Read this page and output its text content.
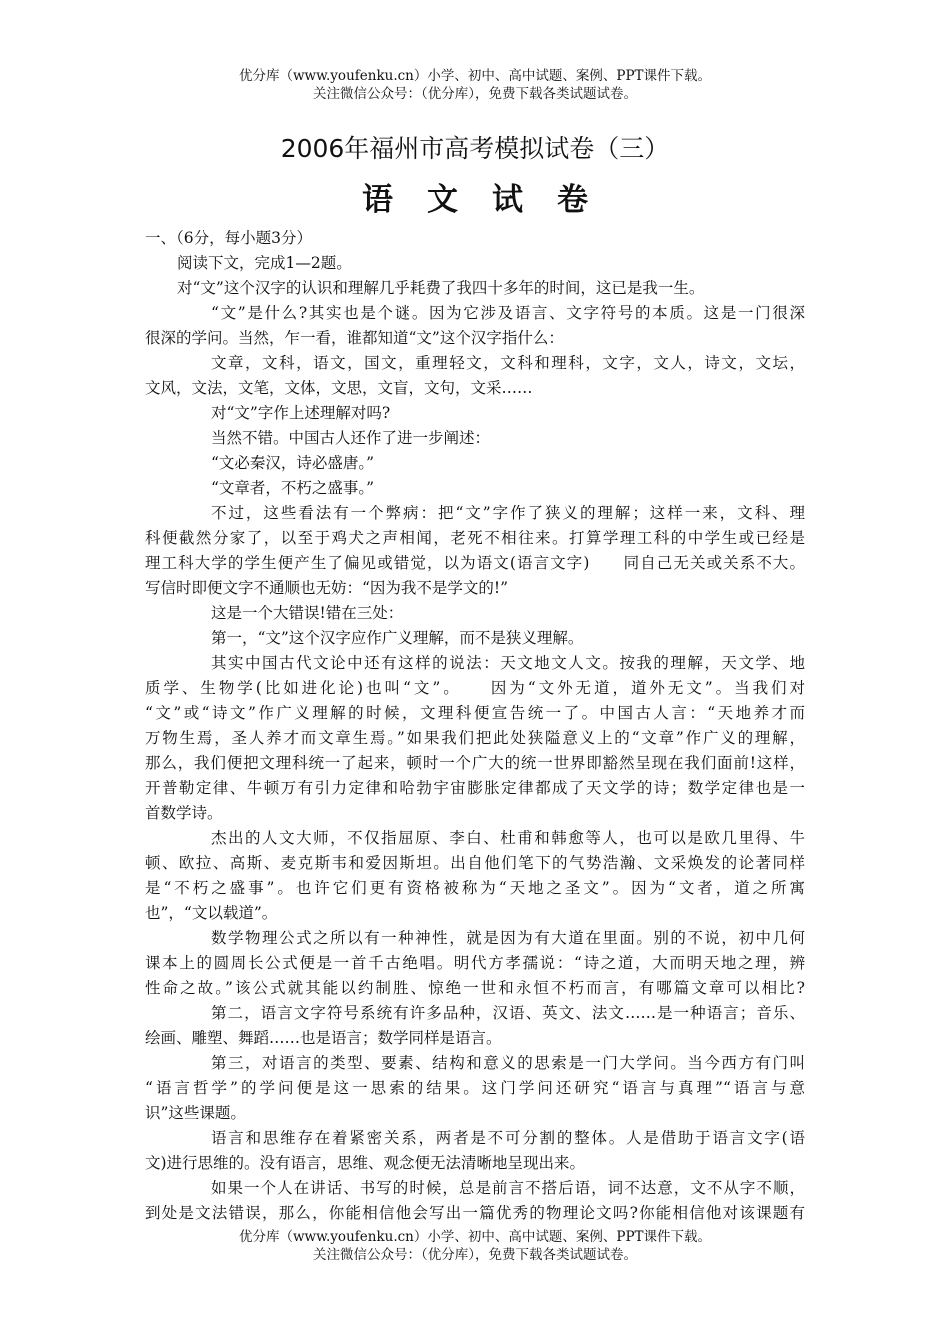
优分库（www.youfenku.cn）小学、初中、高中试题、案例、PPT课件下载。
关注微信公众号：（优分库），免费下载各类试题试卷。
2006年福州市高考模拟试卷（三）
语文试卷
一、（6分，每小题3分）
阅读下文，完成1—2题。
对“文”这个汉字的认识和理解几乎耗费了我四十多年的时间，这已是我一生。
“文”是什么?其实也是个谜。因为它涉及语言、文字符号的本质。这是一门很深
很深的学问。当然，乍一看，谁都知道“文”这个汉字指什么：
文章，文科，语文，国文，重理轻文，文科和理科，文字，文人，诗文，文坛，
文风，文法，文笔，文体，文思，文盲，文句，文采……
对“文”字作上述理解对吗?
当然不错。中国古人还作了进一步阐述：
“文必秦汉，诗必盛唐。”
“文章者，不朽之盛事。”
不过，这些看法有一个弊病：把“文”字作了狭义的理解；这样一来，文科、理
科便截然分家了，以至于鸡犬之声相闻，老死不相往来。打算学理工科的中学生或已经是
理工科大学的学生便产生了偏见或错觉，以为语文(语言文字)　　同自己无关或关系不大。
写信时即便文字不通顺也无妨：“因为我不是学文的!”
这是一个大错误!错在三处：
第一，“文”这个汉字应作广义理解，而不是狭义理解。
其实中国古代文论中还有这样的说法：天文地文人文。按我的理解，天文学、地
质学、生物学(比如进化论)也叫“文”。　　因为“文外无道，道外无文”。当我们对
“文”或“诗文”作广义理解的时候，文理科便宣告统一了。中国古人言：“天地养才而
万物生焉，圣人养才而文章生焉。”如果我们把此处狭隘意义上的“文章”作广义的理解，
那么，我们便把文理科统一了起来，顿时一个广大的统一世界即豁然呈现在我们面前!这样，
开普勒定律、牛顿万有引力定律和哈勃宇宙膨胀定律都成了天文学的诗；数学定律也是一
首数学诗。
杰出的人文大师，不仅指屈原、李白、杜甫和韩愈等人，也可以是欧几里得、牛
顿、欧拉、高斯、麦克斯韦和爱因斯坦。出自他们笔下的气势浩瀚、文采焕发的论著同样
是“不朽之盛事”。也许它们更有资格被称为“天地之圣文”。因为“文者，道之所寓
也”，“文以载道”。
数学物理公式之所以有一种神性，就是因为有大道在里面。别的不说，初中几何
课本上的圆周长公式便是一首千古绝唱。明代方孝孺说：“诗之道，大而明天地之理，辨
性命之故。”该公式就其能以约制胜、惊绝一世和永恒不朽而言，有哪篇文章可以相比?
第二，语言文字符号系统有许多品种，汉语、英文、法文……是一种语言；音乐、
绘画、雕塑、舞蹈……也是语言；数学同样是语言。
第三，对语言的类型、要素、结构和意义的思索是一门大学问。当今西方有门叫
“语言哲学”的学问便是这一思索的结果。这门学问还研究“语言与真理”“语言与意
识”这些课题。
语言和思维存在着紧密关系，两者是不可分割的整体。人是借助于语言文字(语
文)进行思维的。没有语言，思维、观念便无法清晰地呈现出来。
如果一个人在讲话、书写的时候，总是前言不搭后语，词不达意，文不从字不顺，
到处是文法错误，那么，你能相信他会写出一篇优秀的物理论文吗?你能相信他对该课题有
优分库（www.youfenku.cn）小学、初中、高中试题、案例、PPT课件下载。
关注微信公众号：（优分库），免费下载各类试题试卷。
